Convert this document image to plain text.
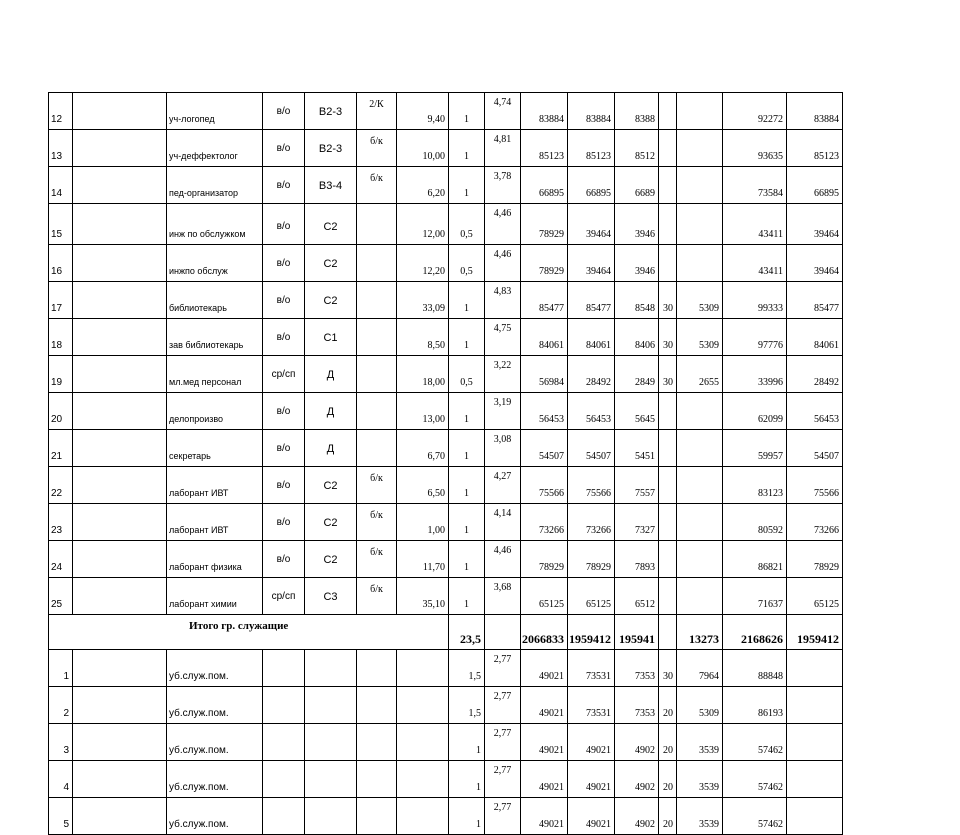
12		уч-логопед	в/о	В2-3	2/К	9,40	1	4,74	83884	83884	8388			92272	83884

13		уч-деффектолог	в/о	В2-3	б/к	10,00	1	4,81	85123	85123	8512			93635	85123

14		пед-организатор	в/о	В3-4	б/к	6,20	1	3,78	66895	66895	6689			73584	66895

15		инж по обслужком	в/о	С2		12,00	0,5	4,46	78929	39464	3946			43411	39464

16		инжпо обслуж	в/о	С2		12,20	0,5	4,46	78929	39464	3946			43411	39464

17		библиотекарь	в/о	С2		33,09	1	4,83	85477	85477	8548	30	5309	99333	85477

18		зав библиотекарь	в/о	С1		8,50	1	4,75	84061	84061	8406	30	5309	97776	84061

19		мл.мед персонал	ср/сп	Д		18,00	0,5	3,22	56984	28492	2849	30	2655	33996	28492

20		делопроизво	в/о	Д		13,00	1	3,19	56453	56453	5645			62099	56453

21		секретарь	в/о	Д		6,70	1	3,08	54507	54507	5451			59957	54507

22		лаборант ИВТ	в/о	С2	б/к	6,50	1	4,27	75566	75566	7557			83123	75566

23		лаборант ИВТ	в/о	С2	б/к	1,00	1	4,14	73266	73266	7327			80592	73266

24		лаборант физика	в/о	С2	б/к	11,70	1	4,46	78929	78929	7893			86821	78929

25		лаборант химии	ср/сп	С3	б/к	35,10	1	3,68	65125	65125	6512			71637	65125

Итого гр. служащие							23,5		2066833	1959412	195941		13273	2168626	1959412

1		уб.служ.пом.					1,5	2,77	49021	73531	7353	30	7964	88848	

2		уб.служ.пом.					1,5	2,77	49021	73531	7353	20	5309	86193	

3		уб.служ.пом.					1	2,77	49021	49021	4902	20	3539	57462	

4		уб.служ.пом.					1	2,77	49021	49021	4902	20	3539	57462	

5		уб.служ.пом.					1	2,77	49021	49021	4902	20	3539	57462	
